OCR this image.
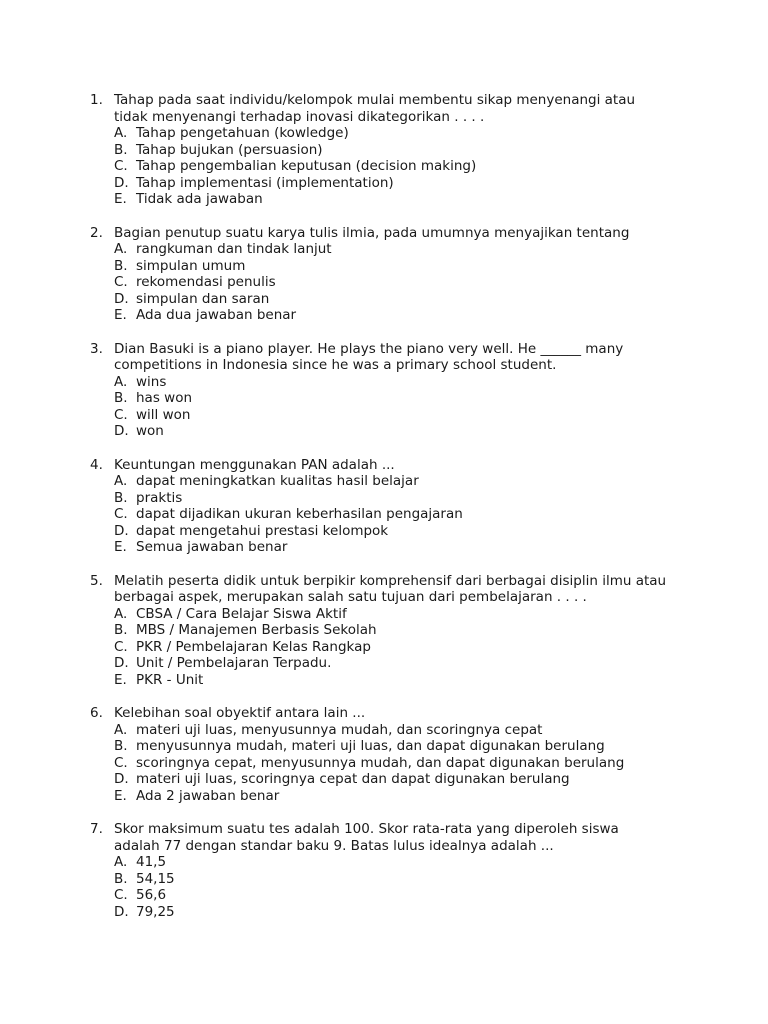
1. Tahap pada saat individu/kelompok mulai membentu sikap menyenangi atau
tidak menyenangi terhadap inovasi dikategorikan . . . .
A. Tahap pengetahuan (kowledge)
B. Tahap bujukan (persuasion)
C. Tahap pengembalian keputusan (decision making)
D. Tahap implementasi (implementation)
E. Tidak ada jawaban
2. Bagian penutup suatu karya tulis ilmia, pada umumnya menyajikan tentang
A. rangkuman dan tindak lanjut
B. simpulan umum
C. rekomendasi penulis
D. simpulan dan saran
E. Ada dua jawaban benar
3. Dian Basuki is a piano player. He plays the piano very well. He ______ many
competitions in Indonesia since he was a primary school student.
A. wins
B. has won
C. will won
D. won
4. Keuntungan menggunakan PAN adalah ...
A. dapat meningkatkan kualitas hasil belajar
B. praktis
C. dapat dijadikan ukuran keberhasilan pengajaran
D. dapat mengetahui prestasi kelompok
E. Semua jawaban benar
5. Melatih peserta didik untuk berpikir komprehensif dari berbagai disiplin ilmu atau
berbagai aspek, merupakan salah satu tujuan dari pembelajaran . . . .
A. CBSA / Cara Belajar Siswa Aktif
B. MBS / Manajemen Berbasis Sekolah
C. PKR / Pembelajaran Kelas Rangkap
D. Unit / Pembelajaran Terpadu.
E. PKR - Unit
6. Kelebihan soal obyektif antara lain ...
A. materi uji luas, menyusunnya mudah, dan scoringnya cepat
B. menyusunnya mudah, materi uji luas, dan dapat digunakan berulang
C. scoringnya cepat, menyusunnya mudah, dan dapat digunakan berulang
D. materi uji luas, scoringnya cepat dan dapat digunakan berulang
E. Ada 2 jawaban benar
7. Skor maksimum suatu tes adalah 100. Skor rata-rata yang diperoleh siswa
adalah 77 dengan standar baku 9. Batas lulus idealnya adalah ...
A. 41,5
B. 54,15
C. 56,6
D. 79,25
